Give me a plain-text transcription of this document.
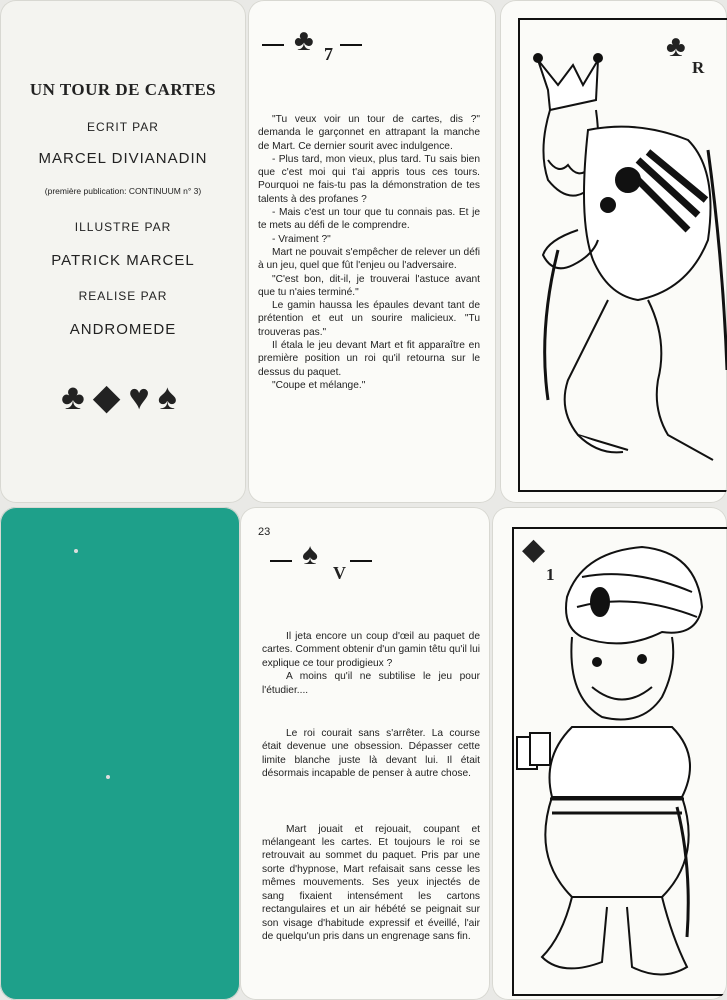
UN TOUR DE CARTES
ECRIT PAR
MARCEL DIVIANADIN
(première publication: CONTINUUM n° 3)
ILLUSTRE PAR
PATRICK MARCEL
REALISE PAR
ANDROMEDE
♣◆♥♠
♣ 7

"Tu veux voir un tour de cartes, dis ?" demanda le garçonnet en attrapant la manche de Mart. Ce dernier sourit avec indulgence.

- Plus tard, mon vieux, plus tard. Tu sais bien que c'est moi qui t'ai appris tous ces tours. Pourquoi ne fais-tu pas la démonstration de tes talents à des profanes ?

- Mais c'est un tour que tu connais pas. Et je te mets au défi de le comprendre.

- Vraiment ?"

Mart ne pouvait s'empêcher de relever un défi à un jeu, quel que fût l'enjeu ou l'adversaire.

"C'est bon, dit-il, je trouverai l'astuce avant que tu n'aies terminé."

Le gamin haussa les épaules devant tant de prétention et eut un sourire malicieux. "Tu trouveras pas."

Il étala le jeu devant Mart et fit apparaître en première position un roi qu'il retourna sur le dessus du paquet.

"Coupe et mélange."

♣
R
23
♠
V

Il jeta encore un coup d'œil au paquet de cartes. Comment obtenir d'un gamin têtu qu'il lui explique ce tour prodigieux ?

A moins qu'il ne subtilise le jeu pour l'étudier....

Le roi courait sans s'arrêter. La course était devenue une obsession. Dépasser cette limite blanche juste là devant lui. Il était désormais incapable de penser à autre chose.

Mart jouait et rejouait, coupant et mélangeant les cartes. Et toujours le roi se retrouvait au sommet du paquet. Pris par une sorte d'hypnose, Mart refaisait sans cesse les mêmes mouvements. Ses yeux injectés de sang fixaient intensément les cartons rectangulaires et un air hébété se peignait sur son visage d'habitude expressif et éveillé, l'air de quelqu'un pris dans un engrenage sans fin.

◆
1
